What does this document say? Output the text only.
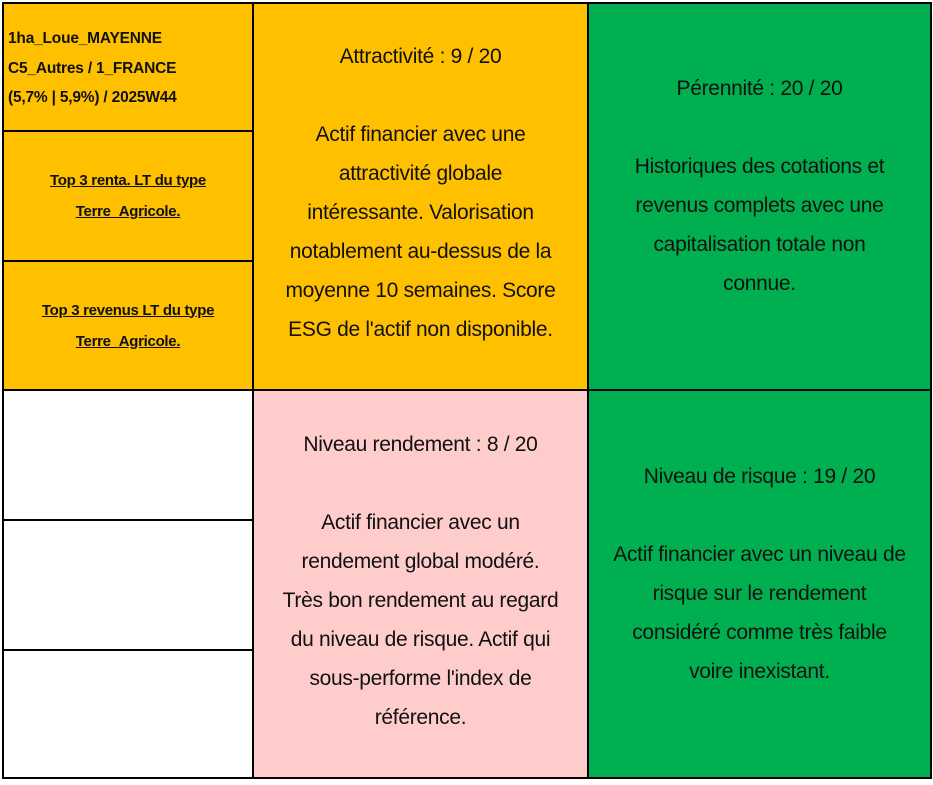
1ha_Loue_MAYENNE
C5_Autres / 1_FRANCE
(5,7% | 5,9%) / 2025W44
Top 3 renta. LT du type
Terre_Agricole.
Top 3 revenus LT du type
Terre_Agricole.
Attractivité : 9 / 20
Actif financier avec une
attractivité globale
intéressante. Valorisation
notablement au-dessus de la
moyenne 10 semaines. Score
ESG de l'actif non disponible.
Pérennité : 20 / 20
Historiques des cotations et
revenus complets avec une
capitalisation totale non
connue.
Niveau rendement : 8 / 20
Actif financier avec un
rendement global modéré.
Très bon rendement au regard
du niveau de risque. Actif qui
sous-performe l'index de
référence.
Niveau de risque : 19 / 20
Actif financier avec un niveau de
risque sur le rendement
considéré comme très faible
voire inexistant.
